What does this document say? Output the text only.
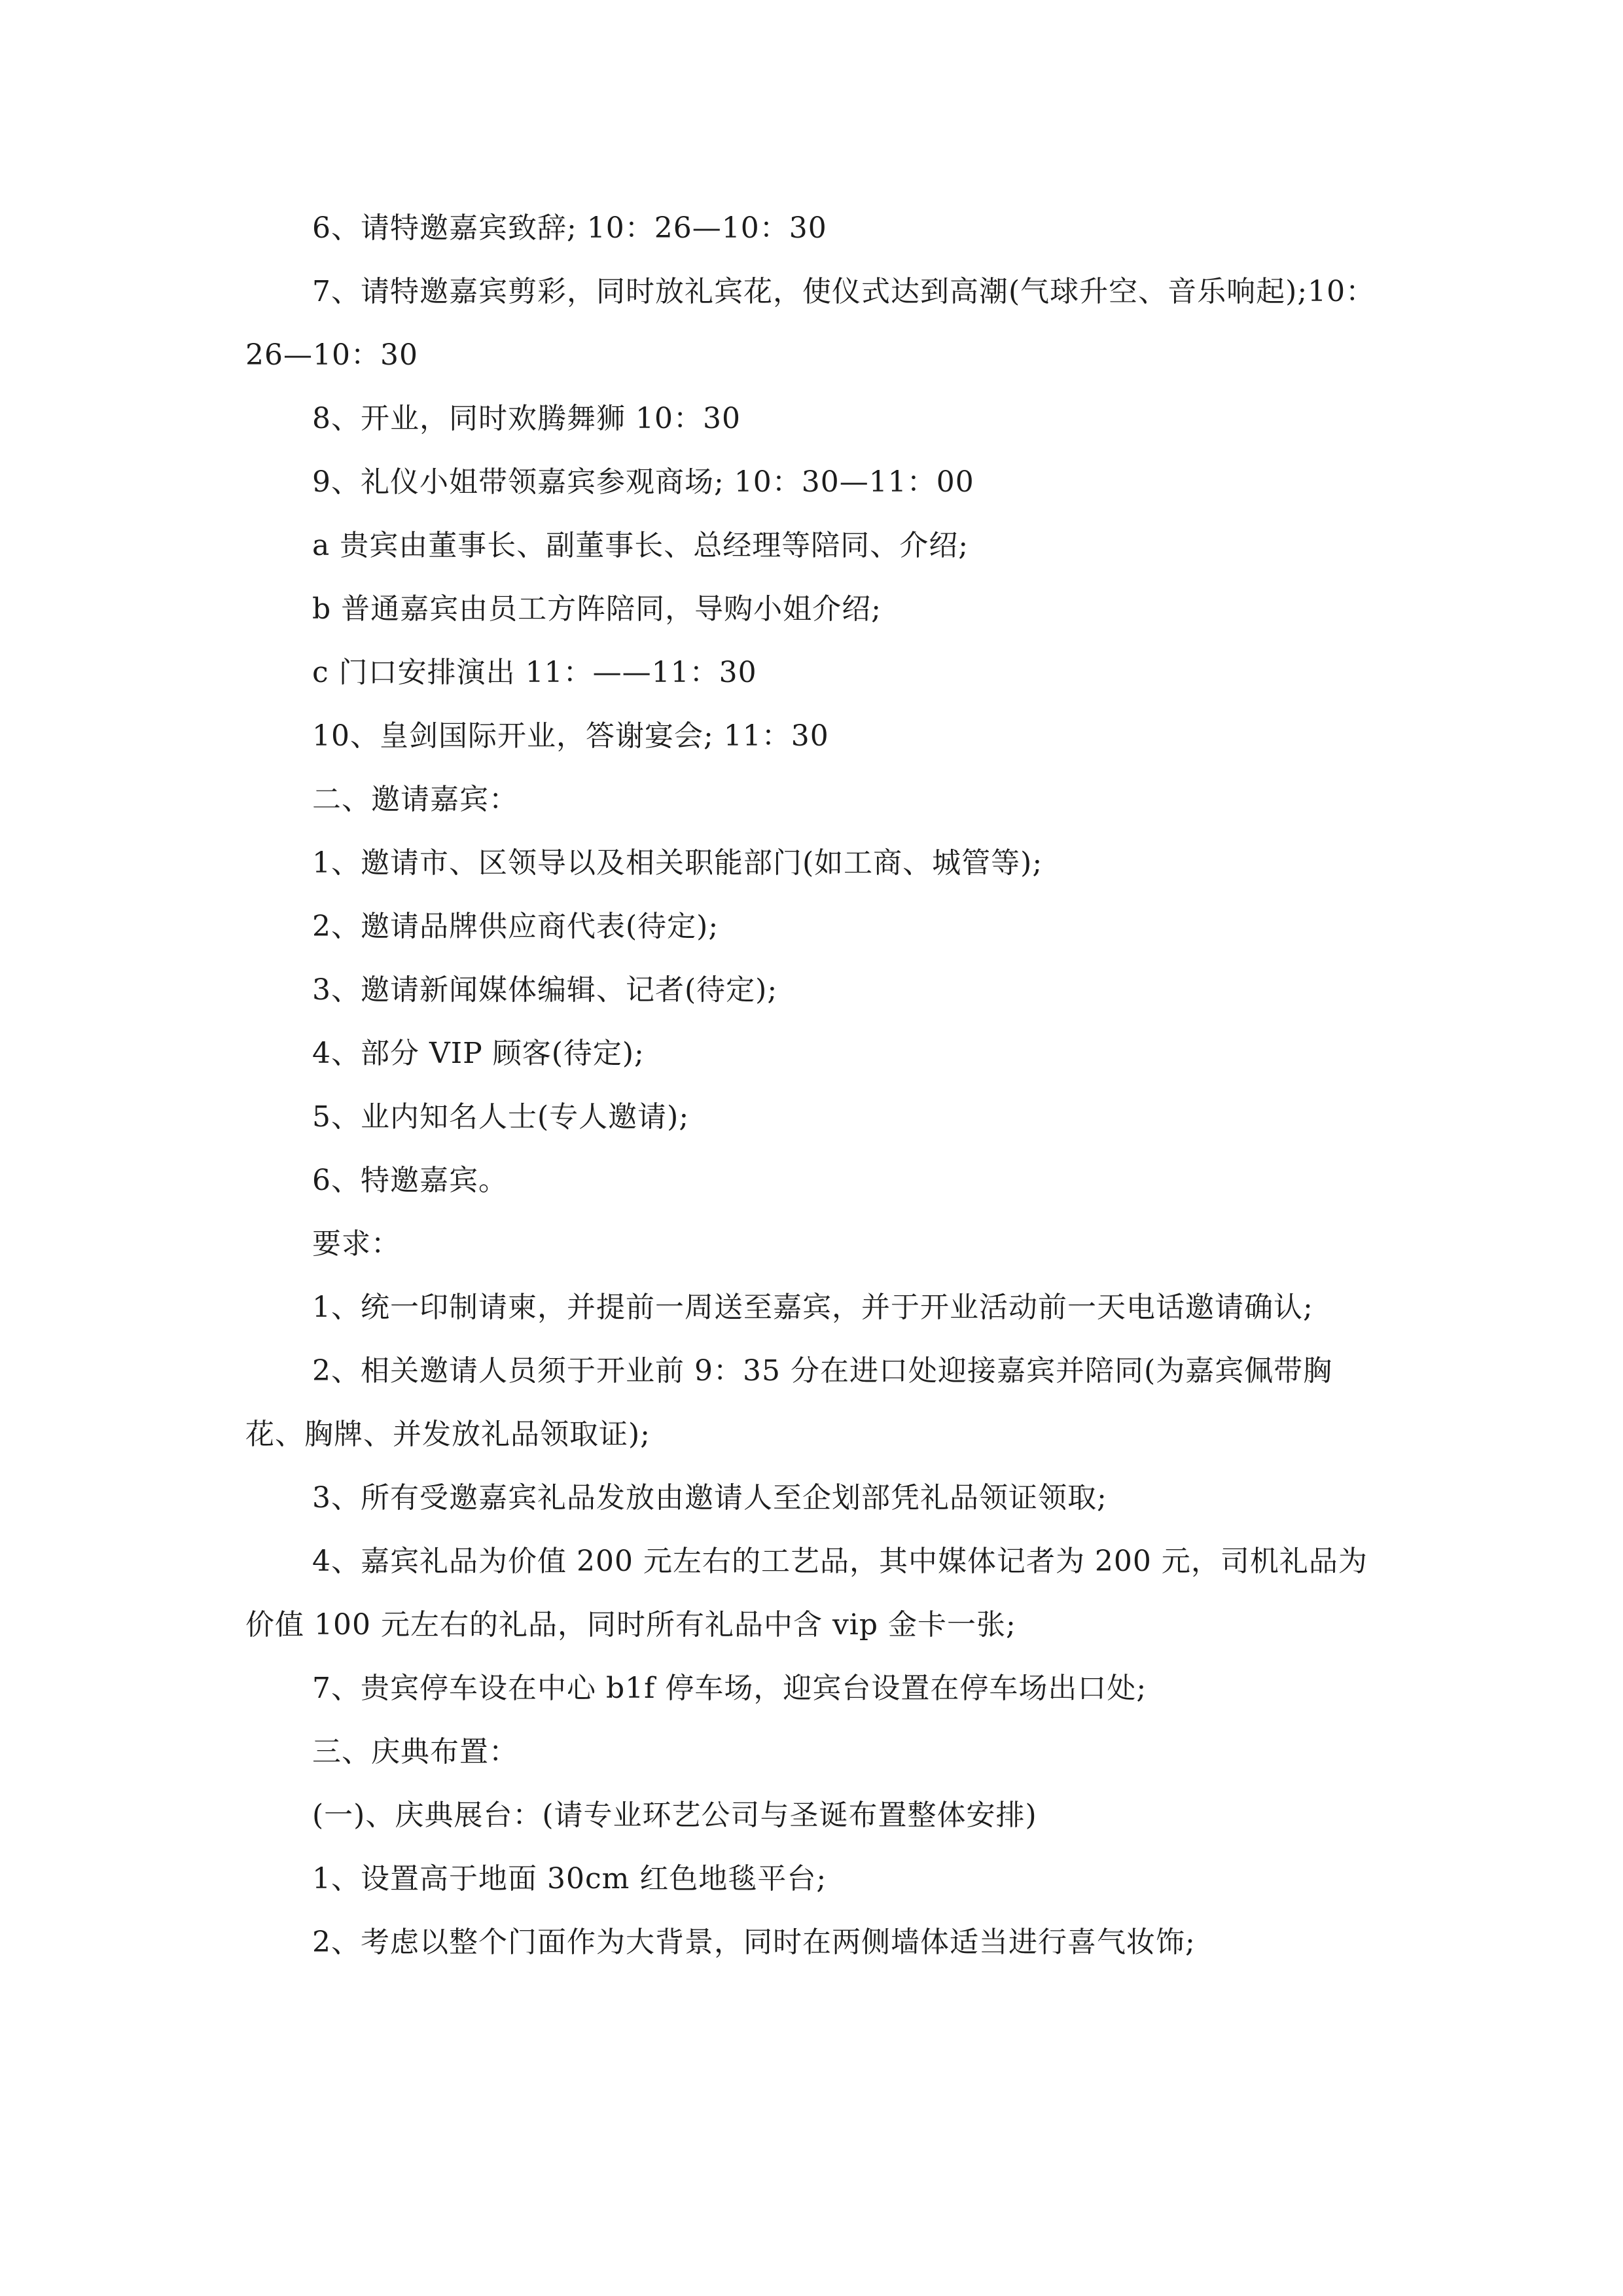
6、请特邀嘉宾致辞; 10：26—10：30

7、请特邀嘉宾剪彩，同时放礼宾花，使仪式达到高潮(气球升空、音乐响起);10：26—10：30

8、开业，同时欢腾舞狮 10：30

9、礼仪小姐带领嘉宾参观商场; 10：30—11：00

a 贵宾由董事长、副董事长、总经理等陪同、介绍;

b 普通嘉宾由员工方阵陪同，导购小姐介绍;

c 门口安排演出 11：——11：30

10、皇剑国际开业，答谢宴会; 11：30

二、邀请嘉宾：

1、邀请市、区领导以及相关职能部门(如工商、城管等);

2、邀请品牌供应商代表(待定);

3、邀请新闻媒体编辑、记者(待定);

4、部分 VIP 顾客(待定);

5、业内知名人士(专人邀请);

6、特邀嘉宾。

要求：

1、统一印制请柬，并提前一周送至嘉宾，并于开业活动前一天电话邀请确认;

2、相关邀请人员须于开业前 9：35 分在进口处迎接嘉宾并陪同(为嘉宾佩带胸花、胸牌、并发放礼品领取证);

3、所有受邀嘉宾礼品发放由邀请人至企划部凭礼品领证领取;

4、嘉宾礼品为价值 200 元左右的工艺品，其中媒体记者为 200 元，司机礼品为价值 100 元左右的礼品，同时所有礼品中含 vip 金卡一张;

7、贵宾停车设在中心 b1f 停车场，迎宾台设置在停车场出口处;

三、庆典布置：

(一)、庆典展台：(请专业环艺公司与圣诞布置整体安排)

1、设置高于地面 30cm 红色地毯平台;

2、考虑以整个门面作为大背景，同时在两侧墙体适当进行喜气妆饰;
